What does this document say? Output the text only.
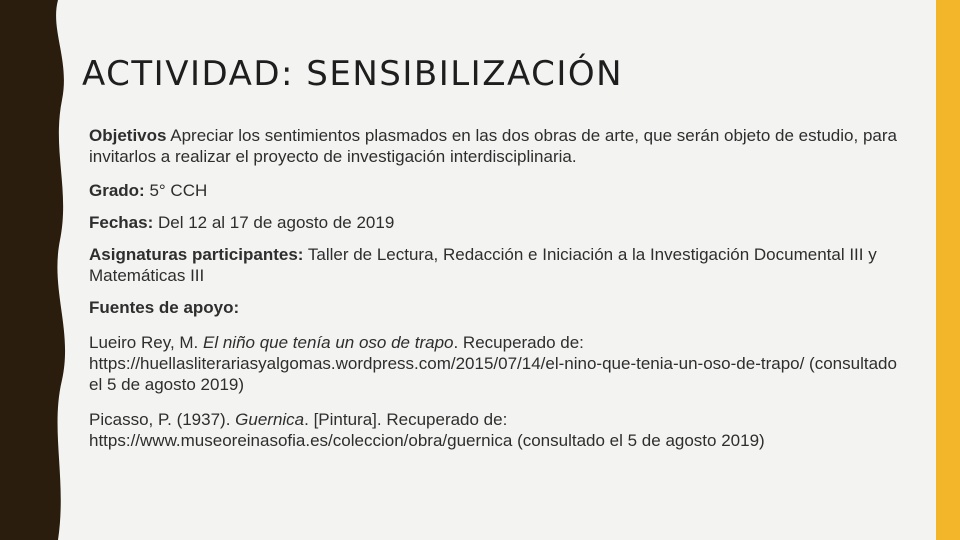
ACTIVIDAD: SENSIBILIZACIÓN

Objetivos Apreciar los sentimientos plasmados en las dos obras de arte, que serán objeto de estudio, para invitarlos a realizar el proyecto de investigación interdisciplinaria.

Grado: 5° CCH

Fechas: Del 12 al 17 de agosto de 2019

Asignaturas participantes: Taller de Lectura, Redacción e Iniciación a la Investigación Documental III y Matemáticas III

Fuentes de apoyo:

Lueiro Rey, M. El niño que tenía un oso de trapo. Recuperado de:
https://huellasliterariasyalgomas.wordpress.com/2015/07/14/el-nino-que-tenia-un-oso-de-trapo/ (consultado el 5 de agosto 2019)

Picasso, P. (1937). Guernica. [Pintura]. Recuperado de:
https://www.museoreinasofia.es/coleccion/obra/guernica (consultado el 5 de agosto 2019)
